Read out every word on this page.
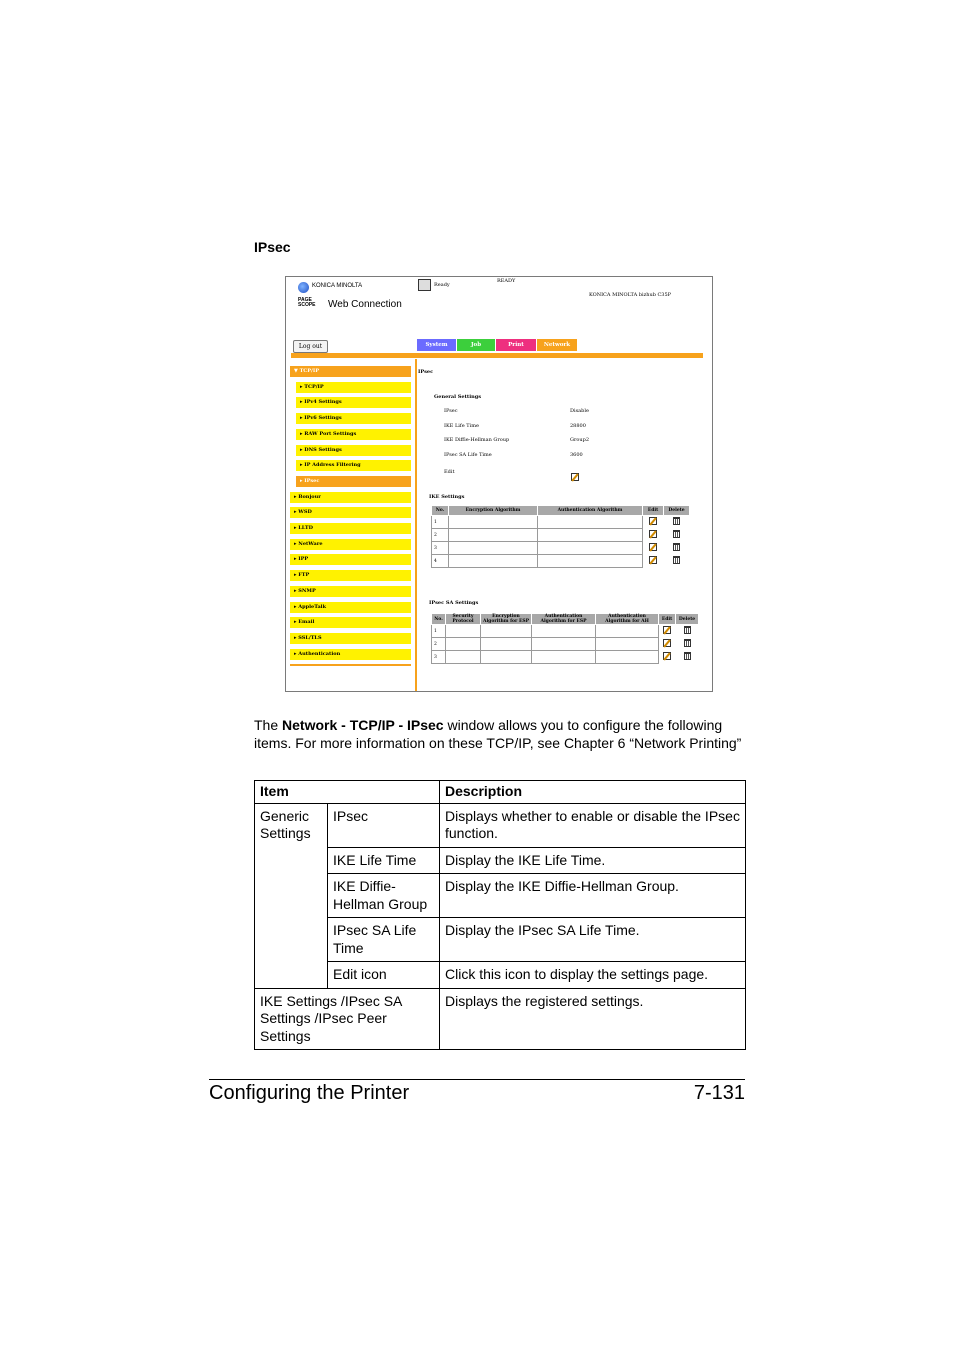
IPsec
KONICA MINOLTA
PAGE SCOPE	Web Connection
Ready
READY
KONICA MINOLTA bizhub C35P
Log out	System	Job	Print	Network
▼ TCP/IP
▸ TCP/IP
▸ IPv4 Settings
▸ IPv6 Settings
▸ RAW Port Settings
▸ DNS Settings
▸ IP Address Filtering
▸ IPsec
▸ Bonjour
▸ WSD
▸ LLTD
▸ NetWare
▸ IPP
▸ FTP
▸ SNMP
▸ AppleTalk
▸ Email
▸ SSL/TLS
▸ Authentication
IPsec
General Settings
IPsec	Disable
IKE Life Time	28800
IKE Diffie-Hellman Group	Group2
IPsec SA Life Time	3600
Edit
IKE Settings
No.	Encryption Algorithm	Authentication Algorithm	Edit	Delete
1				
2				
3				
4				
IPsec SA Settings
No.	Security Protocol	Encryption Algorithm for ESP	Authentication Algorithm for ESP	Authentication Algorithm for AH	Edit	Delete
1						
2						
3						
The Network - TCP/IP - IPsec window allows you to configure the following items. For more information on these TCP/IP, see Chapter 6 “Network Printing”
Item		Description
Generic Settings	IPsec	Displays whether to enable or disable the IPsec function.
	IKE Life Time	Display the IKE Life Time.
	IKE Diffie-Hellman Group	Display the IKE Diffie-Hellman Group.
	IPsec SA Life Time	Display the IPsec SA Life Time.
	Edit icon	Click this icon to display the settings page.
IKE Settings /IPsec SA Settings /IPsec Peer Settings		Displays the registered settings.
Configuring the Printer	7-131
